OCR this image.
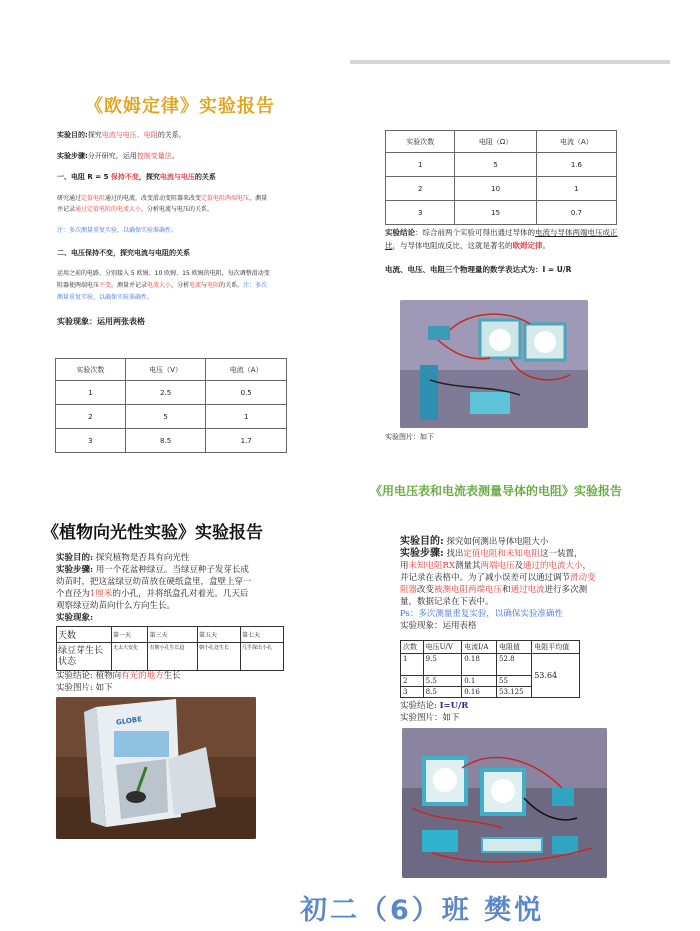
《欧姆定律》实验报告
实验目的:探究电流与电压、电阻的关系。
实验步骤:分开研究，运用控制变量法。
一、电阻 R = 5 保持不变，探究电流与电压的关系
研究通过定值电阻通过的电流，改变滑动变阻器来改变定值电阻两端电压，测量
并记录通过定值电阻的电流大小，分析电流与电压的关系。
注：多次测量重复实验，以确保实验准确性。
二、电压保持不变，探究电流与电阻的关系
运用之前的电路，分别接入 5 欧姆、10 欧姆、15 欧姆的电阻，每次调整滑动变
阻器使两端电压不变。测量并记录电流大小，分析电流与电阻的关系。注：多次
测量重复实验，以确保实验准确性。
实验现象：运用两张表格
实验次数	电压（V）	电流（A）
1	2.5	0.5
2	5	1
3	8.5	1.7
实验次数	电阻（Ω）	电流（A）
1	5	1.6
2	10	1
3	15	0.7
实验结论：综合前两个实验可得出通过导体的电流与导体两端电压成正比，与导体电阻成反比，这就是著名的欧姆定律。
电流、电压、电阻三个物理量的数学表达式为：I = U/R
实验图片：如下
《用电压表和电流表测量导体的电阻》实验报告
实验目的: 探究如何测出导体电阻大小
实验步骤: 找出定值电阻和未知电阻这一装置，
用未知电阻RX测量其两端电压及通过的电流大小，
并记录在表格中。为了减小误差可以通过调节滑动变
阻器改变被测电阻两端电压和通过电流进行多次测
量，数据记录在下表中。
Ps：多次测量重复实验，以确保实验准确性
实验现象：运用表格
次数	电压U/V	电流I/A	电阻值	电阻平均值
1	9.5	0.18	52.8	53.64
2	5.5	0.1	55	
3	8.5	0.16	53.125	
实验结论: I=U/R
实验图片：如下
《植物向光性实验》实验报告
实验目的: 探究植物是否具有向光性
实验步骤: 用一个花盆种绿豆。当绿豆种子发芽长成
幼苗时，把这盆绿豆幼苗放在硬纸盒里，盒壁上穿一
个直径为1厘米的小孔，并将纸盒孔对着光。几天后
观察绿豆幼苗向什么方向生长。
实验现象:
天数	第一天	第三天	第五天	第七天
绿豆芽生长状态	无太大变化	有朝小孔生长趋	朝小孔处生长	几乎探出小孔
实验结论: 植物向有光的地方生长
实验图片: 如下
GLOBE
初二（6）班 樊悦
